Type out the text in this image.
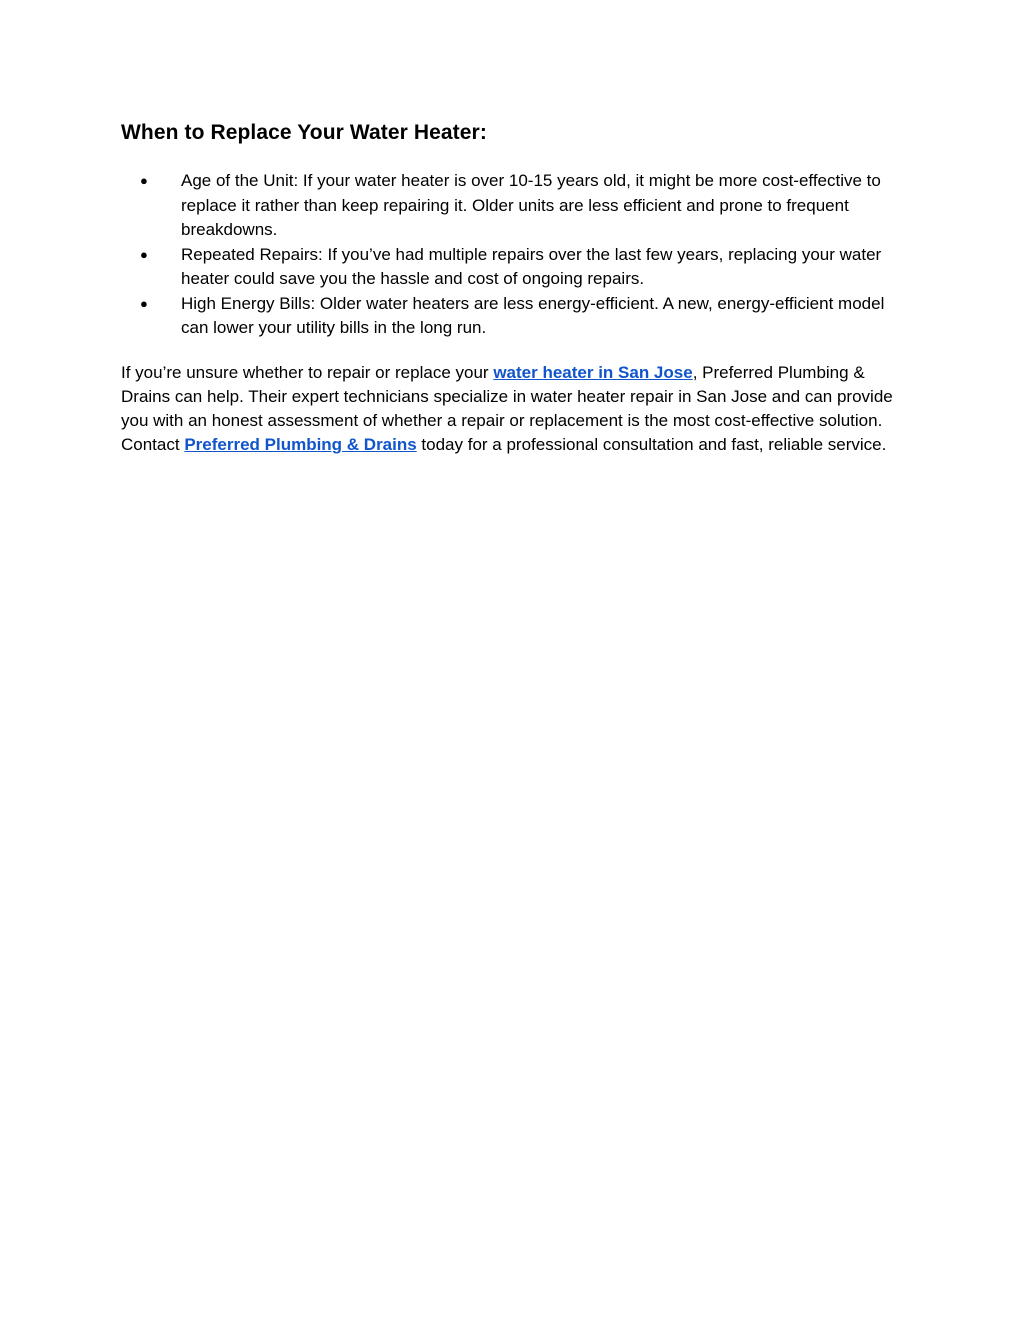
When to Replace Your Water Heater:
● Age of the Unit: If your water heater is over 10-15 years old, it might be more cost-effective to replace it rather than keep repairing it. Older units are less efficient and prone to frequent breakdowns.
● Repeated Repairs: If you’ve had multiple repairs over the last few years, replacing your water heater could save you the hassle and cost of ongoing repairs.
● High Energy Bills: Older water heaters are less energy-efficient. A new, energy-efficient model can lower your utility bills in the long run.

If you’re unsure whether to repair or replace your water heater in San Jose, Preferred Plumbing & Drains can help. Their expert technicians specialize in water heater repair in San Jose and can provide you with an honest assessment of whether a repair or replacement is the most cost-effective solution. Contact Preferred Plumbing & Drains today for a professional consultation and fast, reliable service.
